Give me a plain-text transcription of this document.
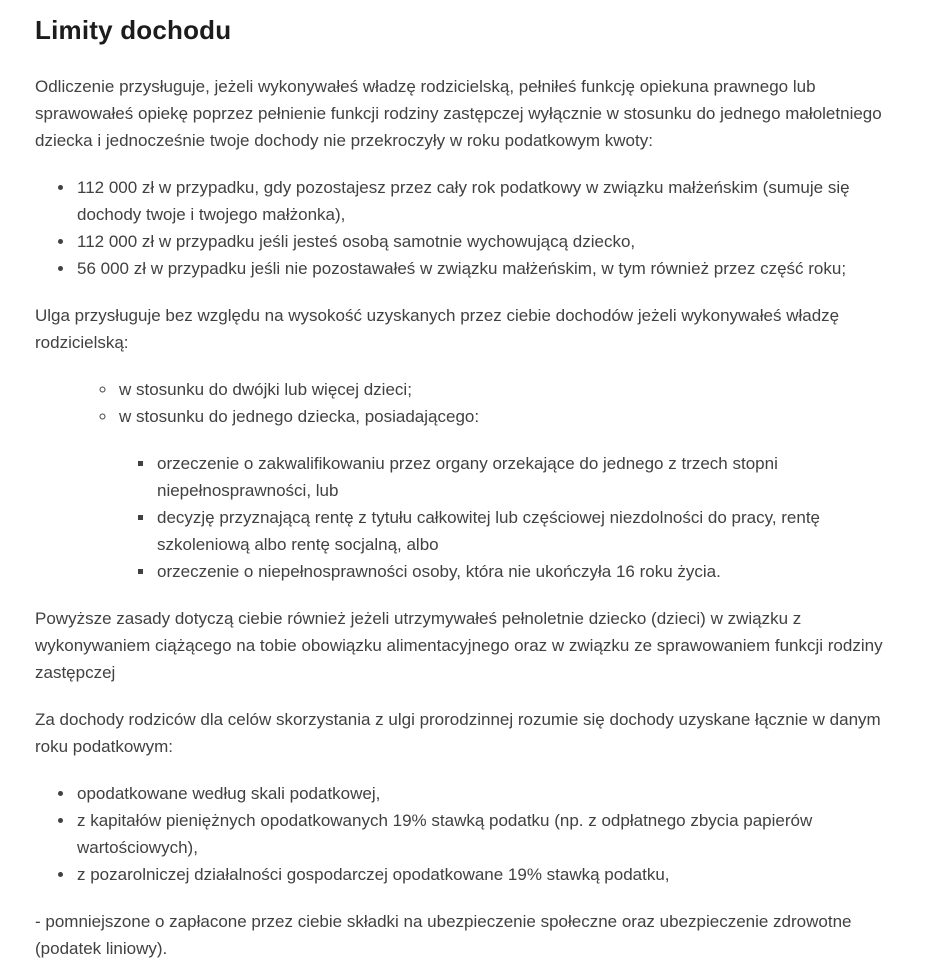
Limity dochodu

Odliczenie przysługuje, jeżeli wykonywałeś władzę rodzicielską, pełniłeś funkcję opiekuna prawnego lub sprawowałeś opiekę poprzez pełnienie funkcji rodziny zastępczej wyłącznie w stosunku do jednego małoletniego dziecka i jednocześnie twoje dochody nie przekroczyły w roku podatkowym kwoty:

• 112 000 zł w przypadku, gdy pozostajesz przez cały rok podatkowy w związku małżeńskim (sumuje się dochody twoje i twojego małżonka),
• 112 000 zł w przypadku jeśli jesteś osobą samotnie wychowującą dziecko,
• 56 000 zł w przypadku jeśli nie pozostawałeś w związku małżeńskim, w tym również przez część roku;

Ulga przysługuje bez względu na wysokość uzyskanych przez ciebie dochodów jeżeli wykonywałeś władzę rodzicielską:

◦ w stosunku do dwójki lub więcej dzieci;
◦ w stosunku do jednego dziecka, posiadającego:
▪ orzeczenie o zakwalifikowaniu przez organy orzekające do jednego z trzech stopni niepełnosprawności, lub
▪ decyzję przyznającą rentę z tytułu całkowitej lub częściowej niezdolności do pracy, rentę szkoleniową albo rentę socjalną, albo
▪ orzeczenie o niepełnosprawności osoby, która nie ukończyła 16 roku życia.

Powyższe zasady dotyczą ciebie również jeżeli utrzymywałeś pełnoletnie dziecko (dzieci) w związku z wykonywaniem ciążącego na tobie obowiązku alimentacyjnego oraz w związku ze sprawowaniem funkcji rodziny zastępczej

Za dochody rodziców dla celów skorzystania z ulgi prorodzinnej rozumie się dochody uzyskane łącznie w danym roku podatkowym:

• opodatkowane według skali podatkowej,
• z kapitałów pieniężnych opodatkowanych 19% stawką podatku (np. z odpłatnego zbycia papierów wartościowych),
• z pozarolniczej działalności gospodarczej opodatkowane 19% stawką podatku,

- pomniejszone o zapłacone przez ciebie składki na ubezpieczenie społeczne oraz ubezpieczenie zdrowotne (podatek liniowy).
